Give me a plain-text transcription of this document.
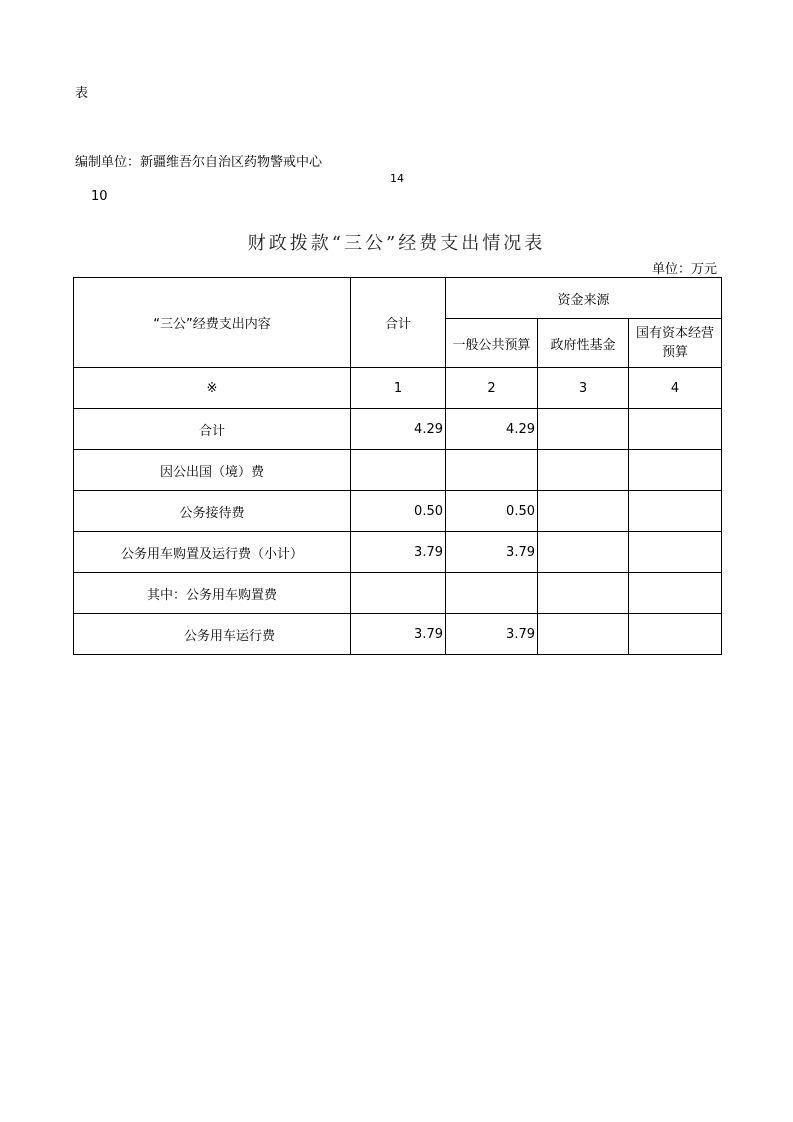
表
编制单位：新疆维吾尔自治区药物警戒中心
14
10
财政拨款“三公”经费支出情况表
单位：万元
“三公”经费支出内容	合计	资金来源		
		一般公共预算	政府性基金	国有资本经营预算
※	1	2	3	4
合计	4.29	4.29		
因公出国（境）费				
公务接待费	0.50	0.50		
公务用车购置及运行费（小计）	3.79	3.79		
其中：公务用车购置费				
公务用车运行费	3.79	3.79		
